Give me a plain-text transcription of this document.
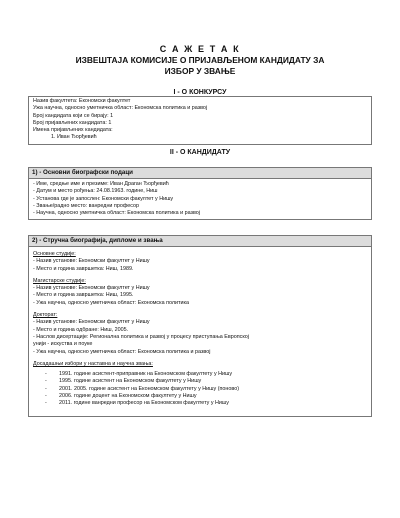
С А Ж Е Т А К
ИЗВЕШТАЈА КОМИСИЈЕ О ПРИЈАВЉЕНОМ КАНДИДАТУ ЗА
ИЗБОР У ЗВАЊЕ
I - О КОНКУРСУ
Назив факултета: Економски факултет
Ужа научна, односно уметничка област: Економска политика и развој
Број кандидата који се бирају: 1
Број пријављених кандидата: 1
Имена пријављених кандидата:
1. Иван Ђорђевић
II - О КАНДИДАТУ
1) - Основни биографски подаци
- Име, средње име и презиме: Иван Драган Ђорђевић
- Датум и место рођења: 24.08.1963. године, Ниш
- Установа где је запослен: Економски факултет у Нишу
- Звање/радно место: ванредни професор
- Научна, односно уметничка област: Економска политика и развој
2) - Стручна биографија, дипломе и звања
Основне студије:
- Назив установе: Економски факултет у Нишу
- Место и година завршетка: Ниш, 1989.
Магистарске студије:
- Назив установе: Економски факултет у Нишу
- Место и година завршетка: Ниш, 1995.
- Ужа научна, односно уметничка област: Економска политика
Докторат:
- Назив установе: Економски факултет у Нишу
- Место и година одбране: Ниш, 2005.
- Наслов дисертације: Регионална политика и развој у процесу приступања Европској
унији - искуства и поуке
- Ужа научна, односно уметничка област: Економска политика и развој
Досадашњи избори у наставна и научна звања:
- 1991. године асистент-приправник на Економском факултету у Нишу
- 1995. године асистент на Економском факултету у Нишу
- 2001. 2005. године асистент на Економском факултету у Нишу (поново)
- 2006. године доцент на Економском факултету у Нишу
- 2011. године ванредни професор на Економском факултету у Нишу
